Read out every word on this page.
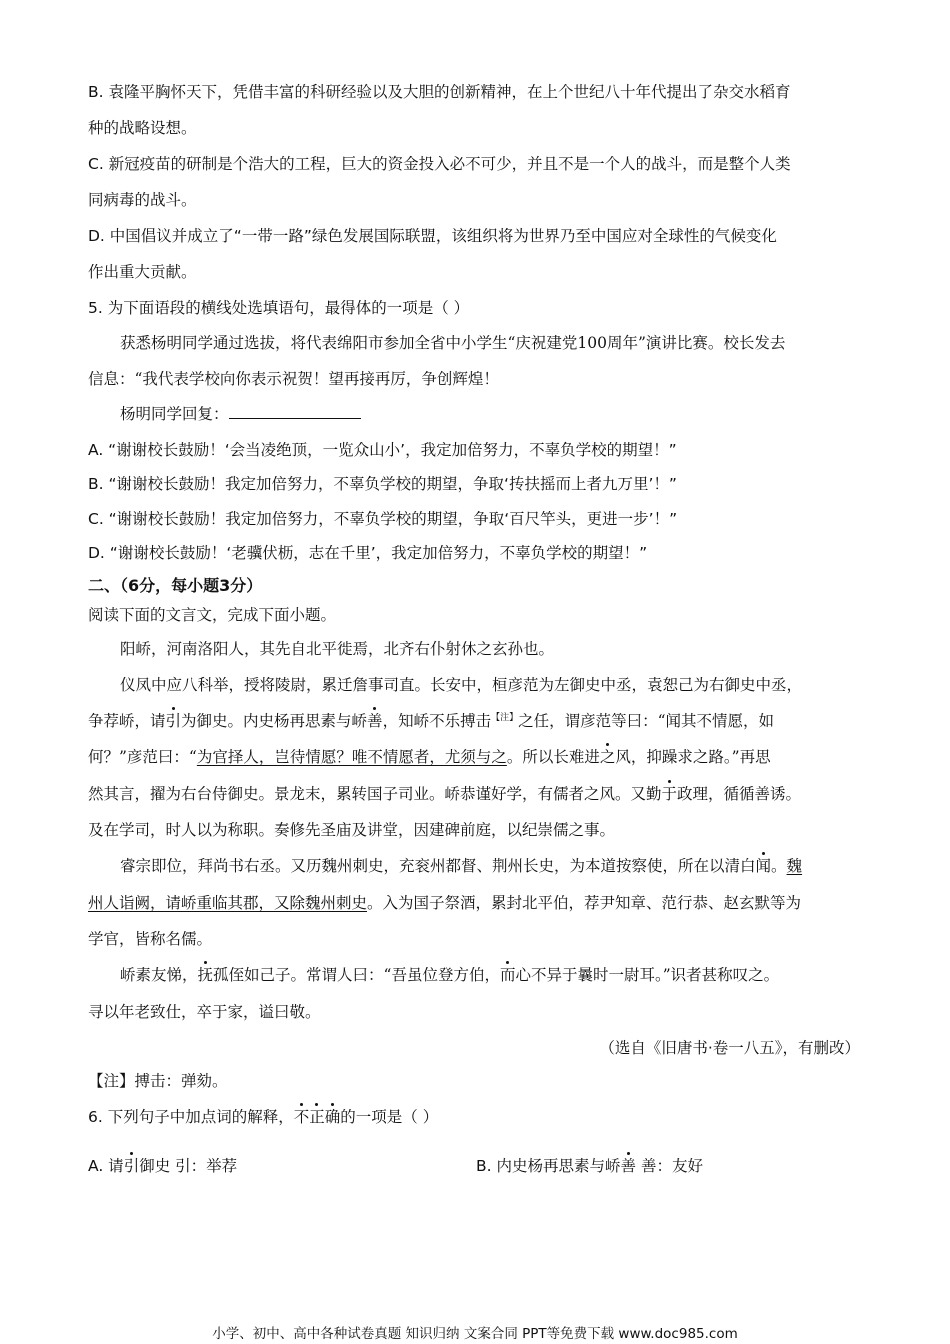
B. 袁隆平胸怀天下，凭借丰富的科研经验以及大胆的创新精神，在上个世纪八十年代提出了杂交水稻育
种的战略设想。
C. 新冠疫苗的研制是个浩大的工程，巨大的资金投入必不可少，并且不是一个人的战斗，而是整个人类
同病毒的战斗。
D. 中国倡议并成立了“一带一路”绿色发展国际联盟，该组织将为世界乃至中国应对全球性的气候变化
作出重大贡献。
5. 为下面语段的横线处选填语句，最得体的一项是（ ）
获悉杨明同学通过选拔，将代表绵阳市参加全省中小学生“庆祝建党100周年”演讲比赛。校长发去
信息：“我代表学校向你表示祝贺！望再接再厉，争创辉煌！
杨明同学回复：
A. “谢谢校长鼓励！‘会当凌绝顶，一览众山小’，我定加倍努力，不辜负学校的期望！”
B. “谢谢校长鼓励！我定加倍努力，不辜负学校的期望，争取‘抟扶摇而上者九万里’！”
C. “谢谢校长鼓励！我定加倍努力，不辜负学校的期望，争取‘百尺竿头，更进一步’！”
D. “谢谢校长鼓励！‘老骥伏枥，志在千里’，我定加倍努力，不辜负学校的期望！”
二、（6分，每小题3分）
阅读下面的文言文，完成下面小题。
阳峤，河南洛阳人，其先自北平徙焉，北齐右仆射休之玄孙也。
仪凤中应八科举，授将陵尉，累迁詹事司直。长安中，桓彦范为左御史中丞，袁恕己为右御史中丞，
争荐峤，请引为御史。内史杨再思素与峤善，知峤不乐搏击$^{【注】}$之任，谓彦范等曰：“闻其不情愿，如
何？”彦范曰：“为官择人，岂待情愿？唯不情愿者，尤须与之。所以长难进之风，抑躁求之路。”再思
然其言，擢为右台侍御史。景龙末，累转国子司业。峤恭谨好学，有儒者之风。又勤于政理，循循善诱。
及在学司，时人以为称职。奏修先圣庙及讲堂，因建碑前庭，以纪崇儒之事。
睿宗即位，拜尚书右丞。又历魏州刺史，充衮州都督、荆州长史，为本道按察使，所在以清白闻。魏
州人诣阙，请峤重临其郡，又除魏州刺史。入为国子祭酒，累封北平伯，荐尹知章、范行恭、赵玄默等为
学官，皆称名儒。
峤素友悌，抚孤侄如己子。常谓人曰：“吾虽位登方伯，而心不异于曩时一尉耳。”识者甚称叹之。
寻以年老致仕，卒于家，谥曰敬。
（选自《旧唐书·卷一八五》，有删改）
【注】搏击：弹劾。
6. 下列句子中加点词的解释，不正确的一项是（ ）
A. 请引御史 引：举荐	B. 内史杨再思素与峤善 善：友好
小学、初中、高中各种试卷真题 知识归纳 文案合同 PPT等免费下载 www.doc985.com
